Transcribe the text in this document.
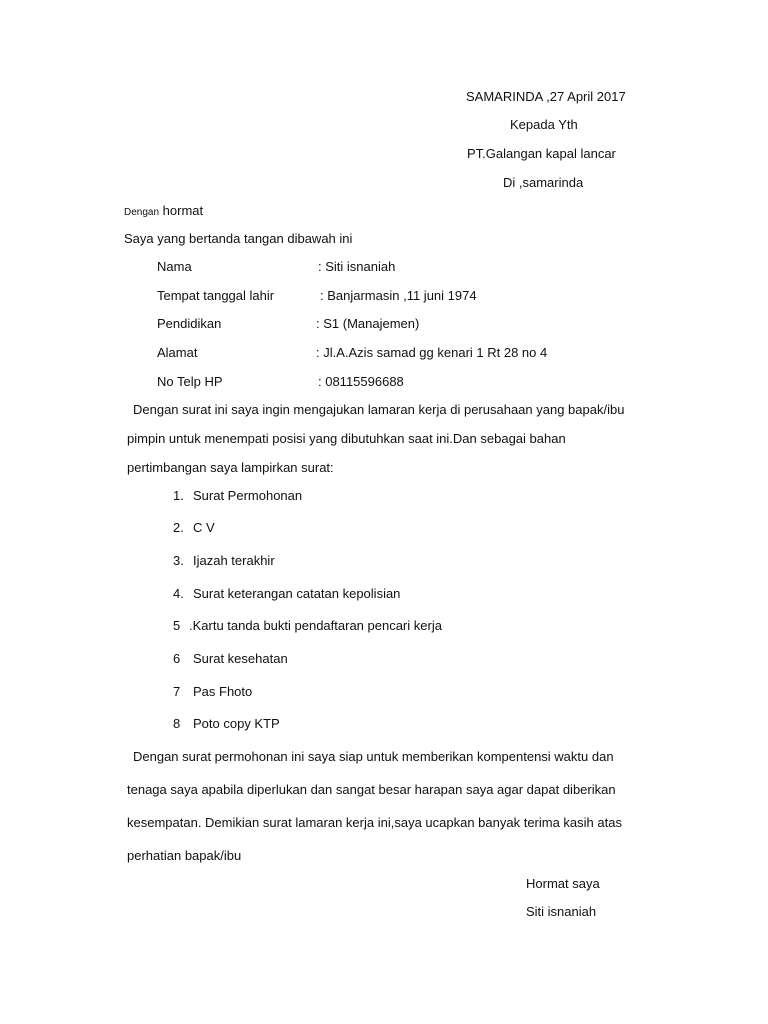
SAMARINDA ,27 April 2017
Kepada Yth
PT.Galangan kapal lancar
Di ,samarinda
Dengan hormat
Saya yang bertanda tangan dibawah ini
Nama	: Siti isnaniah
Tempat tanggal lahir	: Banjarmasin ,11 juni 1974
Pendidikan	: S1 (Manajemen)
Alamat	: Jl.A.Azis samad gg kenari 1 Rt 28 no 4
No Telp HP	: 08115596688
Dengan surat ini saya ingin mengajukan lamaran kerja di perusahaan yang bapak/ibu
pimpin untuk menempati posisi yang dibutuhkan saat ini.Dan sebagai bahan
pertimbangan saya lampirkan surat:
1. Surat Permohonan
2. C V
3. Ijazah terakhir
4. Surat keterangan catatan kepolisian
5 .Kartu tanda bukti pendaftaran pencari kerja
6 Surat kesehatan
7 Pas Fhoto
8 Poto copy KTP
Dengan surat permohonan ini saya siap untuk memberikan kompentensi waktu dan
tenaga saya apabila diperlukan dan sangat besar harapan saya agar dapat diberikan
kesempatan. Demikian surat lamaran kerja ini,saya ucapkan banyak terima kasih atas
perhatian bapak/ibu
Hormat saya
Siti isnaniah
